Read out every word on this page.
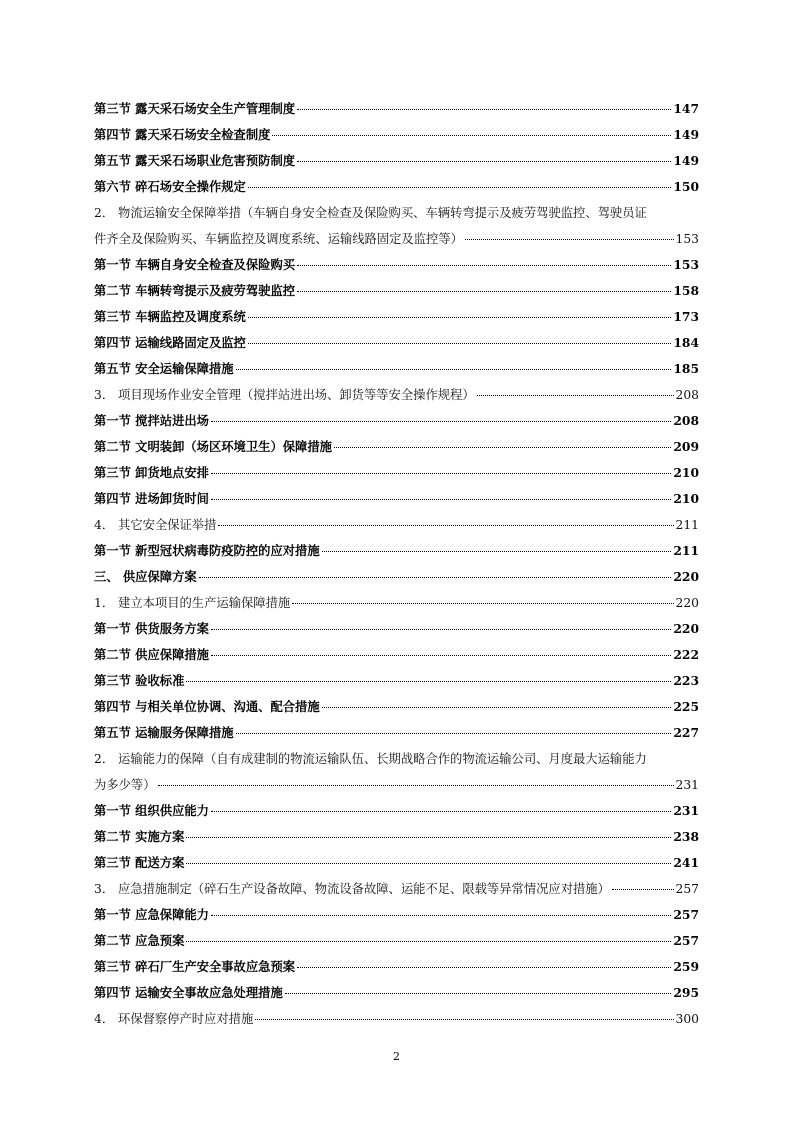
第三节 露天采石场安全生产管理制度	147
第四节 露天采石场安全检查制度	149
第五节 露天采石场职业危害预防制度	149
第六节 碎石场安全操作规定	150
2． 物流运输安全保障举措（车辆自身安全检查及保险购买、车辆转弯提示及疲劳驾驶监控、驾驶员证
件齐全及保险购买、车辆监控及调度系统、运输线路固定及监控等）	153
第一节 车辆自身安全检查及保险购买	153
第二节 车辆转弯提示及疲劳驾驶监控	158
第三节 车辆监控及调度系统	173
第四节 运输线路固定及监控	184
第五节 安全运输保障措施	185
3． 项目现场作业安全管理（搅拌站进出场、卸货等等安全操作规程）	208
第一节 搅拌站进出场	208
第二节 文明装卸（场区环境卫生）保障措施	209
第三节 卸货地点安排	210
第四节 进场卸货时间	210
4． 其它安全保证举措	211
第一节 新型冠状病毒防疫防控的应对措施	211
三、 供应保障方案	220
1． 建立本项目的生产运输保障措施	220
第一节 供货服务方案	220
第二节 供应保障措施	222
第三节 验收标准	223
第四节 与相关单位协调、沟通、配合措施	225
第五节 运输服务保障措施	227
2． 运输能力的保障（自有成建制的物流运输队伍、长期战略合作的物流运输公司、月度最大运输能力
为多少等）	231
第一节 组织供应能力	231
第二节 实施方案	238
第三节 配送方案	241
3． 应急措施制定（碎石生产设备故障、物流设备故障、运能不足、限载等异常情况应对措施）	257
第一节 应急保障能力	257
第二节 应急预案	257
第三节 碎石厂生产安全事故应急预案	259
第四节 运输安全事故应急处理措施	295
4． 环保督察停产时应对措施	300
2
